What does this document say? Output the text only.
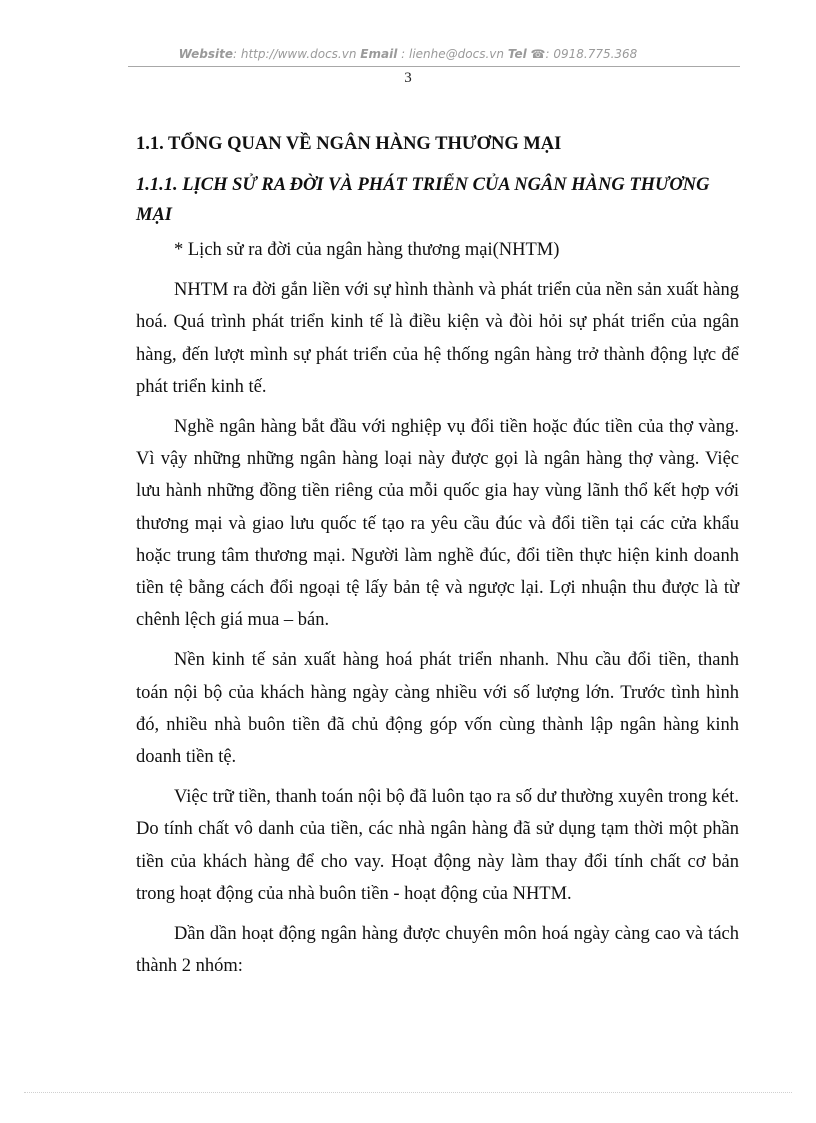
Website: http://www.docs.vn Email : lienhe@docs.vn Tel ☎: 0918.775.368
3

1.1. TỔNG QUAN VỀ NGÂN HÀNG THƯƠNG MẠI

1.1.1. LỊCH SỬ RA ĐỜI VÀ PHÁT TRIỂN CỦA NGÂN HÀNG THƯƠNG MẠI

* Lịch sử ra đời của ngân hàng thương mại(NHTM)

NHTM ra đời gắn liền với sự hình thành và phát triển của nền sản xuất hàng hoá. Quá trình phát triển kinh tế là điều kiện và đòi hỏi sự phát triển của ngân hàng, đến lượt mình sự phát triển của hệ thống ngân hàng trở thành động lực để phát triển kinh tế.

Nghề ngân hàng bắt đầu với nghiệp vụ đổi tiền hoặc đúc tiền của thợ vàng. Vì vậy những những ngân hàng loại này được gọi là ngân hàng thợ vàng. Việc lưu hành những đồng tiền riêng của mỗi quốc gia hay vùng lãnh thổ kết hợp với thương mại và giao lưu quốc tế tạo ra yêu cầu đúc và đổi tiền tại các cửa khẩu hoặc trung tâm thương mại. Người làm nghề đúc, đổi tiền thực hiện kinh doanh tiền tệ bằng cách đổi ngoại tệ lấy bản tệ và ngược lại. Lợi nhuận thu được là từ chênh lệch giá mua – bán.

Nền kinh tế sản xuất hàng hoá phát triển nhanh. Nhu cầu đổi tiền, thanh toán nội bộ của khách hàng ngày càng nhiều với số lượng lớn. Trước tình hình đó, nhiều nhà buôn tiền đã chủ động góp vốn cùng thành lập ngân hàng kinh doanh tiền tệ.

Việc trữ tiền, thanh toán nội bộ đã luôn tạo ra số dư thường xuyên trong két. Do tính chất vô danh của tiền, các nhà ngân hàng đã sử dụng tạm thời một phần tiền của khách hàng để cho vay. Hoạt động này làm thay đổi tính chất cơ bản trong hoạt động của nhà buôn tiền - hoạt động của NHTM.

Dần dần hoạt động ngân hàng được chuyên môn hoá ngày càng cao và tách thành 2 nhóm:
